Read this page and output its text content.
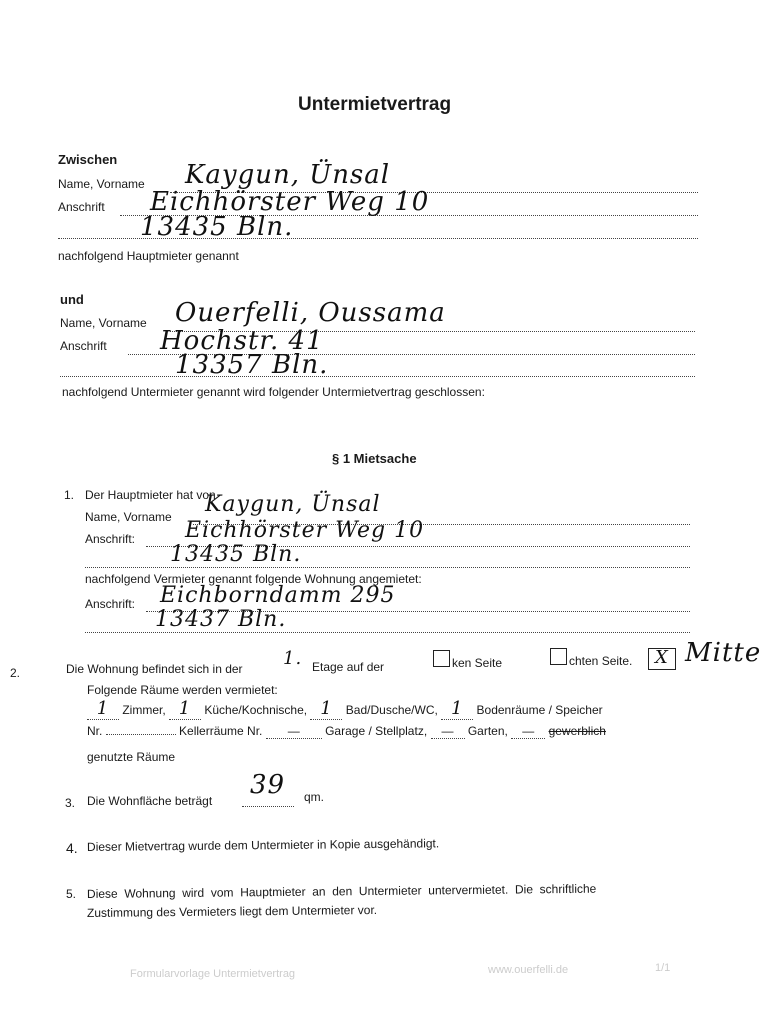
Untermietvertrag
Zwischen
Name, Vorname Kaygun, Ünsal
Anschrift Eichhörster Weg 10
13435 Bln.
nachfolgend Hauptmieter genannt
und
Name, Vorname Ouerfelli, Oussama
Anschrift Hochstr. 41
13357 Bln.
nachfolgend Untermieter genannt wird folgender Untermietvertrag geschlossen:
§ 1 Mietsache
1. Der Hauptmieter hat von
Name, Vorname Kaygun, Ünsal
Anschrift: Eichhörster Weg 10
13435 Bln.
nachfolgend Vermieter genannt folgende Wohnung angemietet:
Anschrift: Eichborndamm 295
13437 Bln.
2.	Die Wohnung befindet sich in der 1. Etage auf der	ken Seite	chten Seite. X Mitte
Folgende Räume werden vermietet:
1 Zimmer, 1 Küche/Kochnische, 1 Bad/Dusche/WC, 1 Bodenräume / Speicher
Nr.	Kellerräume Nr. — Garage / Stellplatz, — Garten, — gewerblich
genutzte Räume
3. Die Wohnfläche beträgt
39 qm.
4. Dieser Mietvertrag wurde dem Untermieter in Kopie ausgehändigt.
5. Diese  Wohnung  wird  vom  Hauptmieter  an  den  Untermieter  untervermietet.  Die  schriftliche
Zustimmung des Vermieters liegt dem Untermieter vor.
Formularvorlage Untermietvertrag	www.ouerfelli.de	1/1
